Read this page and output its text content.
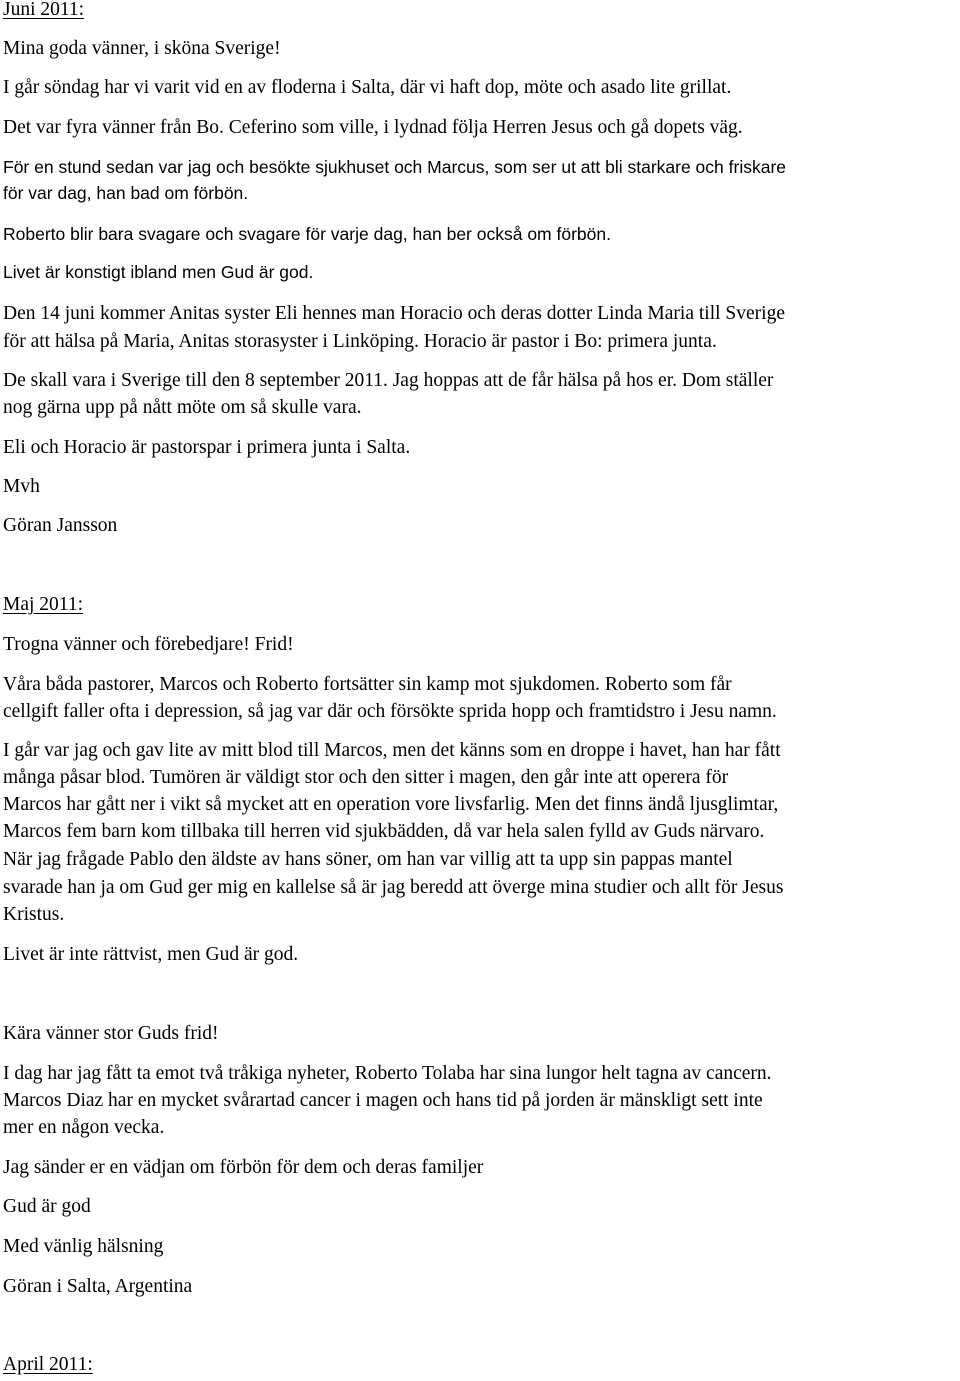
Juni 2011:
Mina goda vänner, i sköna Sverige!
I går söndag har vi varit vid en av floderna i Salta, där vi haft dop, möte och asado lite grillat.
Det var fyra vänner från Bo. Ceferino som ville, i lydnad följa Herren Jesus och gå dopets väg.
För en stund sedan var jag och besökte sjukhuset och Marcus, som ser ut att bli starkare och friskare
för var dag, han bad om förbön.
Roberto blir bara svagare och svagare för varje dag, han ber också om förbön.
Livet är konstigt ibland men Gud är god.
Den 14 juni kommer Anitas syster Eli hennes man Horacio och deras dotter Linda Maria till Sverige
för att hälsa på Maria, Anitas storasyster i Linköping. Horacio är pastor i Bo: primera junta.
De skall vara i Sverige till den 8 september 2011. Jag hoppas att de får hälsa på hos er. Dom ställer
nog gärna upp på nått möte om så skulle vara.
Eli och Horacio är pastorspar i primera junta i Salta.
Mvh
Göran Jansson
Maj 2011:
Trogna vänner och förebedjare! Frid!
Våra båda pastorer, Marcos och Roberto fortsätter sin kamp mot sjukdomen. Roberto som får
cellgift faller ofta i depression, så jag var där och försökte sprida hopp och framtidstro i Jesu namn.
I går var jag och gav lite av mitt blod till Marcos, men det känns som en droppe i havet, han har fått
många påsar blod. Tumören är väldigt stor och den sitter i magen, den går inte att operera för
Marcos har gått ner i vikt så mycket att en operation vore livsfarlig. Men det finns ändå ljusglimtar,
Marcos fem barn kom tillbaka till herren vid sjukbädden, då var hela salen fylld av Guds närvaro.
När jag frågade Pablo den äldste av hans söner, om han var villig att ta upp sin pappas mantel
svarade han ja om Gud ger mig en kallelse så är jag beredd att överge mina studier och allt för Jesus
Kristus.
Livet är inte rättvist, men Gud är god.
Kära vänner stor Guds frid!
I dag har jag fått ta emot två tråkiga nyheter, Roberto Tolaba har sina lungor helt tagna av cancern.
Marcos Diaz har en mycket svårartad cancer i magen och hans tid på jorden är mänskligt sett inte
mer en någon vecka.
Jag sänder er en vädjan om förbön för dem och deras familjer
Gud är god
Med vänlig hälsning
Göran i Salta, Argentina
April 2011:
